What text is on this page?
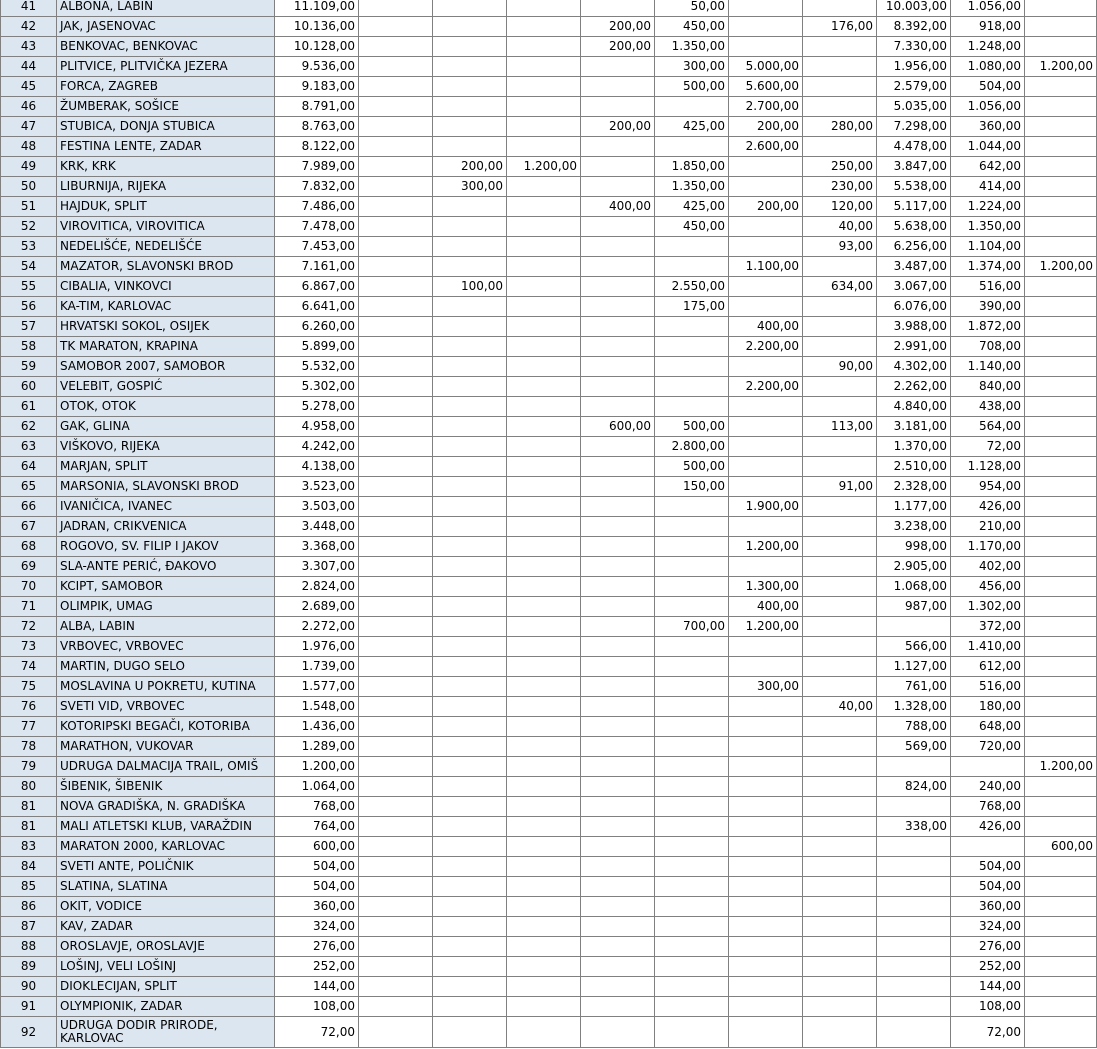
41	ALBONA, LABIN	11.109,00					50,00			10.003,00	1.056,00	
42	JAK, JASENOVAC	10.136,00				200,00	450,00		176,00	8.392,00	918,00	
43	BENKOVAC, BENKOVAC	10.128,00				200,00	1.350,00			7.330,00	1.248,00	
44	PLITVICE, PLITVIČKA JEZERA	9.536,00					300,00	5.000,00		1.956,00	1.080,00	1.200,00
45	FORCA, ZAGREB	9.183,00					500,00	5.600,00		2.579,00	504,00	
46	ŽUMBERAK, SOŠICE	8.791,00						2.700,00		5.035,00	1.056,00	
47	STUBICA, DONJA STUBICA	8.763,00				200,00	425,00	200,00	280,00	7.298,00	360,00	
48	FESTINA LENTE, ZADAR	8.122,00						2.600,00		4.478,00	1.044,00	
49	KRK, KRK	7.989,00		200,00	1.200,00		1.850,00		250,00	3.847,00	642,00	
50	LIBURNIJA, RIJEKA	7.832,00		300,00			1.350,00		230,00	5.538,00	414,00	
51	HAJDUK, SPLIT	7.486,00				400,00	425,00	200,00	120,00	5.117,00	1.224,00	
52	VIROVITICA, VIROVITICA	7.478,00					450,00		40,00	5.638,00	1.350,00	
53	NEDELIŠĆE, NEDELIŠĆE	7.453,00							93,00	6.256,00	1.104,00	
54	MAZATOR, SLAVONSKI BROD	7.161,00						1.100,00		3.487,00	1.374,00	1.200,00
55	CIBALIA, VINKOVCI	6.867,00		100,00			2.550,00		634,00	3.067,00	516,00	
56	KA-TIM, KARLOVAC	6.641,00					175,00			6.076,00	390,00	
57	HRVATSKI SOKOL, OSIJEK	6.260,00						400,00		3.988,00	1.872,00	
58	TK MARATON, KRAPINA	5.899,00						2.200,00		2.991,00	708,00	
59	SAMOBOR 2007, SAMOBOR	5.532,00							90,00	4.302,00	1.140,00	
60	VELEBIT, GOSPIĆ	5.302,00						2.200,00		2.262,00	840,00	
61	OTOK, OTOK	5.278,00								4.840,00	438,00	
62	GAK, GLINA	4.958,00				600,00	500,00		113,00	3.181,00	564,00	
63	VIŠKOVO, RIJEKA	4.242,00					2.800,00			1.370,00	72,00	
64	MARJAN, SPLIT	4.138,00					500,00			2.510,00	1.128,00	
65	MARSONIA, SLAVONSKI BROD	3.523,00					150,00		91,00	2.328,00	954,00	
66	IVANIČICA, IVANEC	3.503,00						1.900,00		1.177,00	426,00	
67	JADRAN, CRIKVENICA	3.448,00								3.238,00	210,00	
68	ROGOVO, SV. FILIP I JAKOV	3.368,00						1.200,00		998,00	1.170,00	
69	SLA-ANTE PERIĆ, ĐAKOVO	3.307,00								2.905,00	402,00	
70	KCIPT, SAMOBOR	2.824,00						1.300,00		1.068,00	456,00	
71	OLIMPIK, UMAG	2.689,00						400,00		987,00	1.302,00	
72	ALBA, LABIN	2.272,00					700,00	1.200,00			372,00	
73	VRBOVEC, VRBOVEC	1.976,00								566,00	1.410,00	
74	MARTIN, DUGO SELO	1.739,00								1.127,00	612,00	
75	MOSLAVINA U POKRETU, KUTINA	1.577,00						300,00		761,00	516,00	
76	SVETI VID, VRBOVEC	1.548,00							40,00	1.328,00	180,00	
77	KOTORIPSKI BEGAČI, KOTORIBA	1.436,00								788,00	648,00	
78	MARATHON, VUKOVAR	1.289,00								569,00	720,00	
79	UDRUGA DALMACIJA TRAIL, OMIŠ	1.200,00										1.200,00
80	ŠIBENIK, ŠIBENIK	1.064,00								824,00	240,00	
81	NOVA GRADIŠKA, N. GRADIŠKA	768,00									768,00	
81	MALI ATLETSKI KLUB, VARAŽDIN	764,00								338,00	426,00	
83	MARATON 2000, KARLOVAC	600,00										600,00
84	SVETI ANTE, POLIČNIK	504,00									504,00	
85	SLATINA, SLATINA	504,00									504,00	
86	OKIT, VODICE	360,00									360,00	
87	KAV, ZADAR	324,00									324,00	
88	OROSLAVJE, OROSLAVJE	276,00									276,00	
89	LOŠINJ, VELI LOŠINJ	252,00									252,00	
90	DIOKLECIJAN, SPLIT	144,00									144,00	
91	OLYMPIONIK, ZADAR	108,00									108,00	
92	UDRUGA DODIR PRIRODE, KARLOVAC	72,00									72,00	
